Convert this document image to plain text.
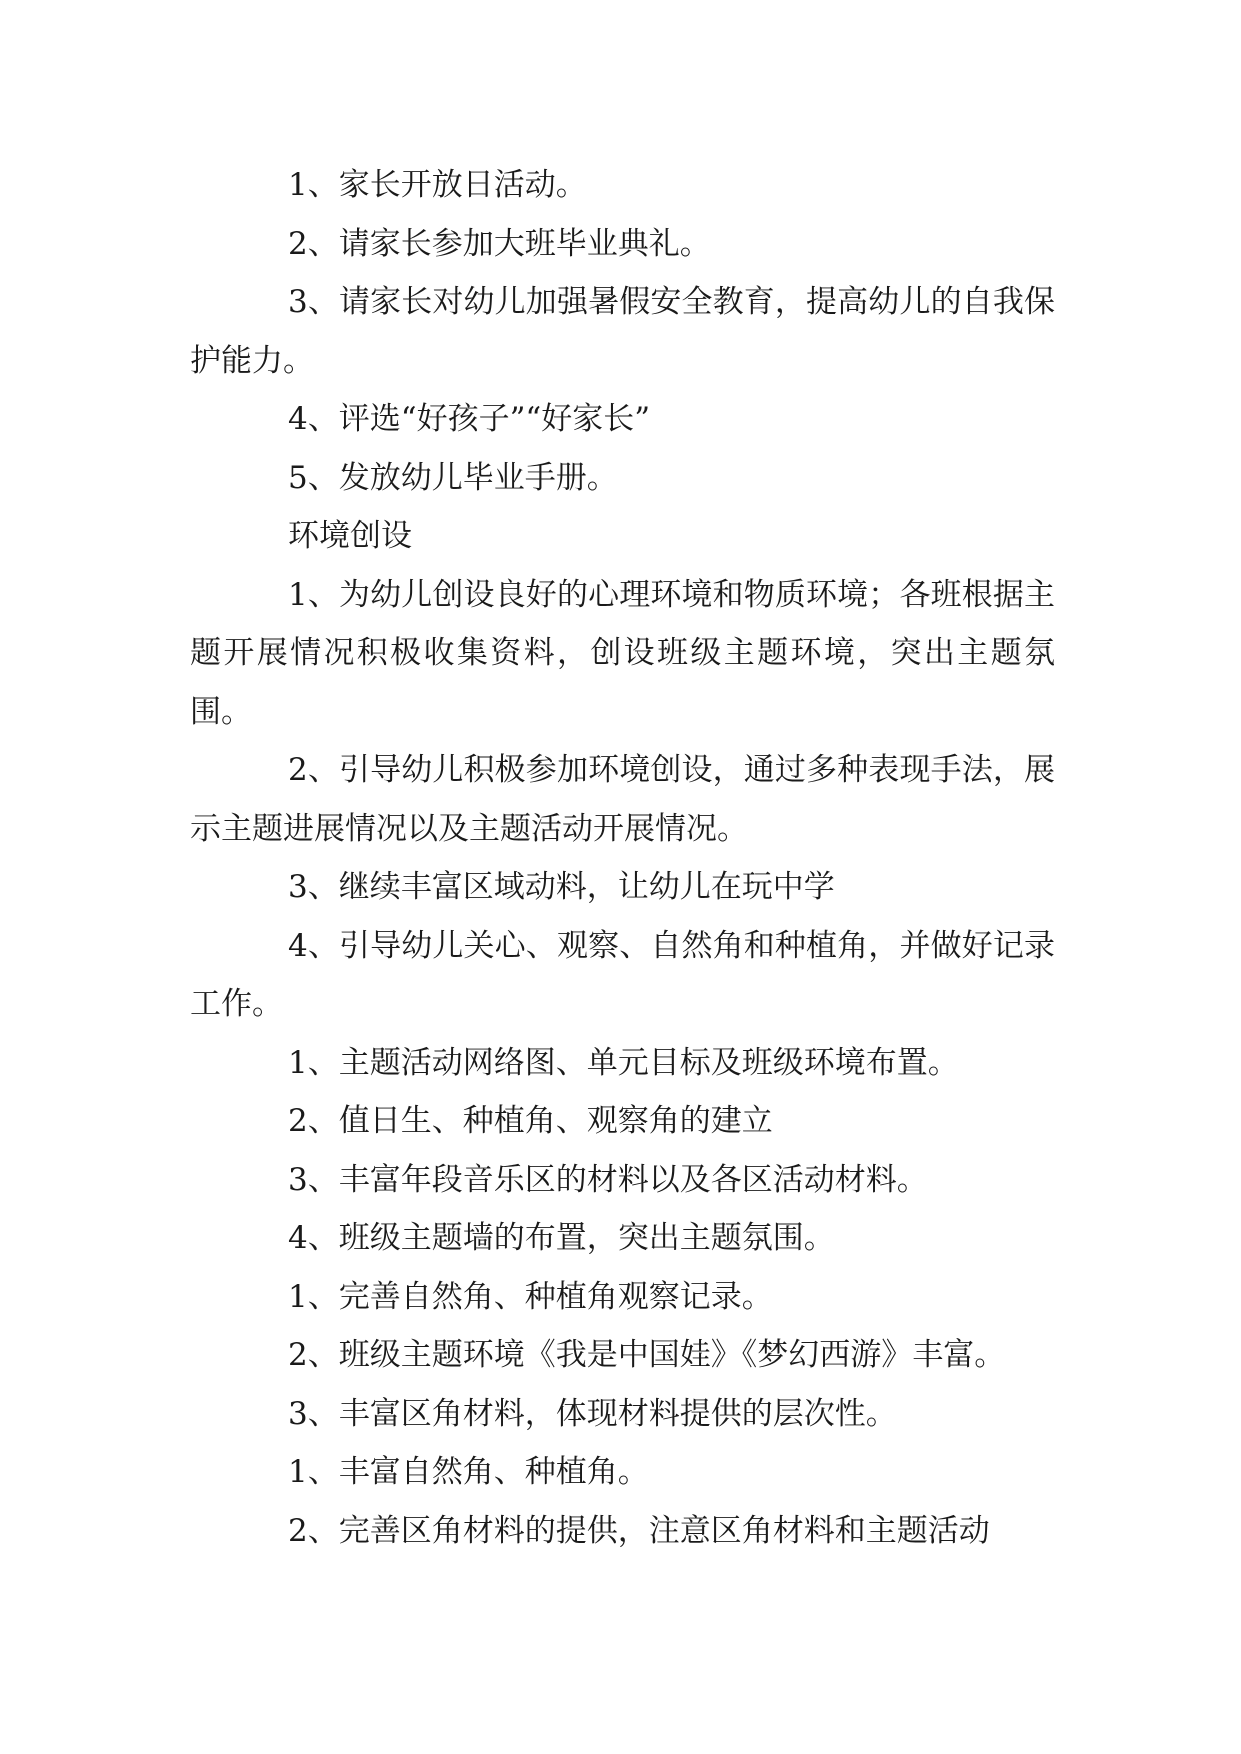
1、家长开放日活动。

2、请家长参加大班毕业典礼。

3、请家长对幼儿加强暑假安全教育，提高幼儿的自我保护能力。

4、评选“好孩子”“好家长”

5、发放幼儿毕业手册。

环境创设

1、为幼儿创设良好的心理环境和物质环境；各班根据主题开展情况积极收集资料，创设班级主题环境，突出主题氛围。

2、引导幼儿积极参加环境创设，通过多种表现手法，展示主题进展情况以及主题活动开展情况。

3、继续丰富区域动料，让幼儿在玩中学

4、引导幼儿关心、观察、自然角和种植角，并做好记录工作。

1、主题活动网络图、单元目标及班级环境布置。

2、值日生、种植角、观察角的建立

3、丰富年段音乐区的材料以及各区活动材料。

4、班级主题墙的布置，突出主题氛围。

1、完善自然角、种植角观察记录。

2、班级主题环境《我是中国娃》《梦幻西游》丰富。

3、丰富区角材料，体现材料提供的层次性。

1、丰富自然角、种植角。

2、完善区角材料的提供，注意区角材料和主题活动
